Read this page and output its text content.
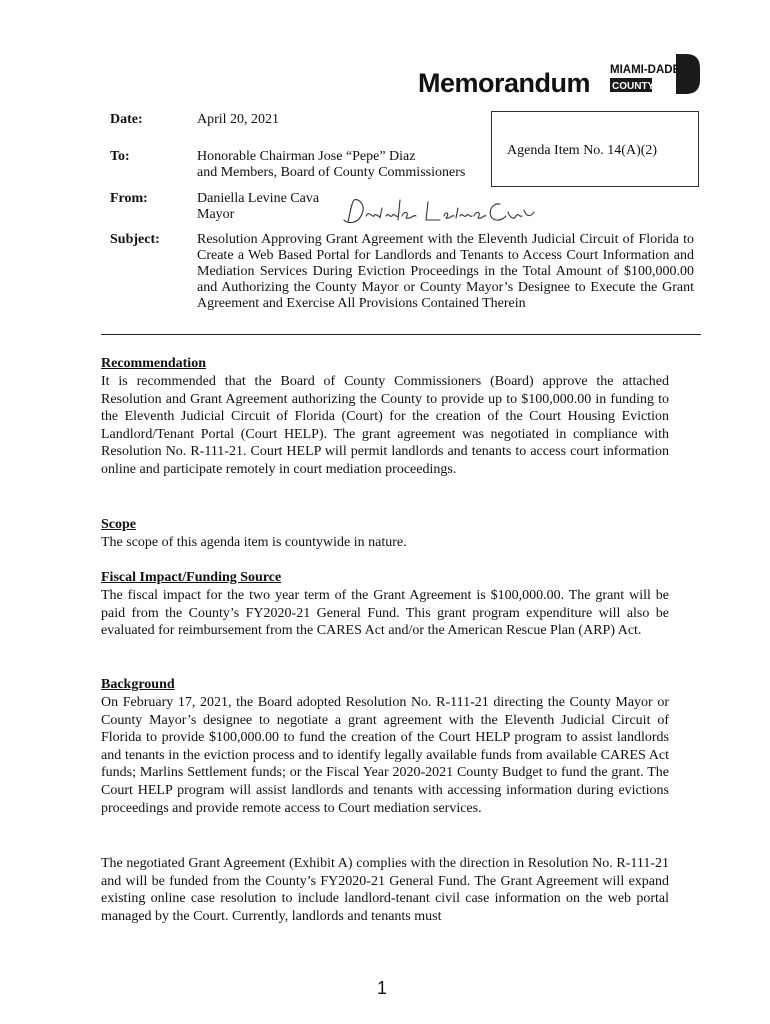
Memorandum MIAMI-DADE
COUNTY
Date:	April 20, 2021
Agenda Item No. 14(A)(2)
To:	Honorable Chairman Jose “Pepe” Diaz
and Members, Board of County Commissioners
From:	Daniella Levine Cava
Mayor
Subject:	Resolution Approving Grant Agreement with the Eleventh Judicial Circuit of Florida to Create a Web Based Portal for Landlords and Tenants to Access Court Information and Mediation Services During Eviction Proceedings in the Total Amount of $100,000.00 and Authorizing the County Mayor or County Mayor’s Designee to Execute the Grant Agreement and Exercise All Provisions Contained Therein
Recommendation
It is recommended that the Board of County Commissioners (Board) approve the attached Resolution and Grant Agreement authorizing the County to provide up to $100,000.00 in funding to the Eleventh Judicial Circuit of Florida (Court) for the creation of the Court Housing Eviction Landlord/Tenant Portal (Court HELP). The grant agreement was negotiated in compliance with Resolution No. R-111-21. Court HELP will permit landlords and tenants to access court information online and participate remotely in court mediation proceedings.
Scope
The scope of this agenda item is countywide in nature.
Fiscal Impact/Funding Source
The fiscal impact for the two year term of the Grant Agreement is $100,000.00. The grant will be paid from the County’s FY2020-21 General Fund. This grant program expenditure will also be evaluated for reimbursement from the CARES Act and/or the American Rescue Plan (ARP) Act.
Background
On February 17, 2021, the Board adopted Resolution No. R-111-21 directing the County Mayor or County Mayor’s designee to negotiate a grant agreement with the Eleventh Judicial Circuit of Florida to provide $100,000.00 to fund the creation of the Court HELP program to assist landlords and tenants in the eviction process and to identify legally available funds from available CARES Act funds; Marlins Settlement funds; or the Fiscal Year 2020-2021 County Budget to fund the grant. The Court HELP program will assist landlords and tenants with accessing information during evictions proceedings and provide remote access to Court mediation services.
The negotiated Grant Agreement (Exhibit A) complies with the direction in Resolution No. R-111-21 and will be funded from the County’s FY2020-21 General Fund. The Grant Agreement will expand existing online case resolution to include landlord-tenant civil case information on the web portal managed by the Court. Currently, landlords and tenants must
1
